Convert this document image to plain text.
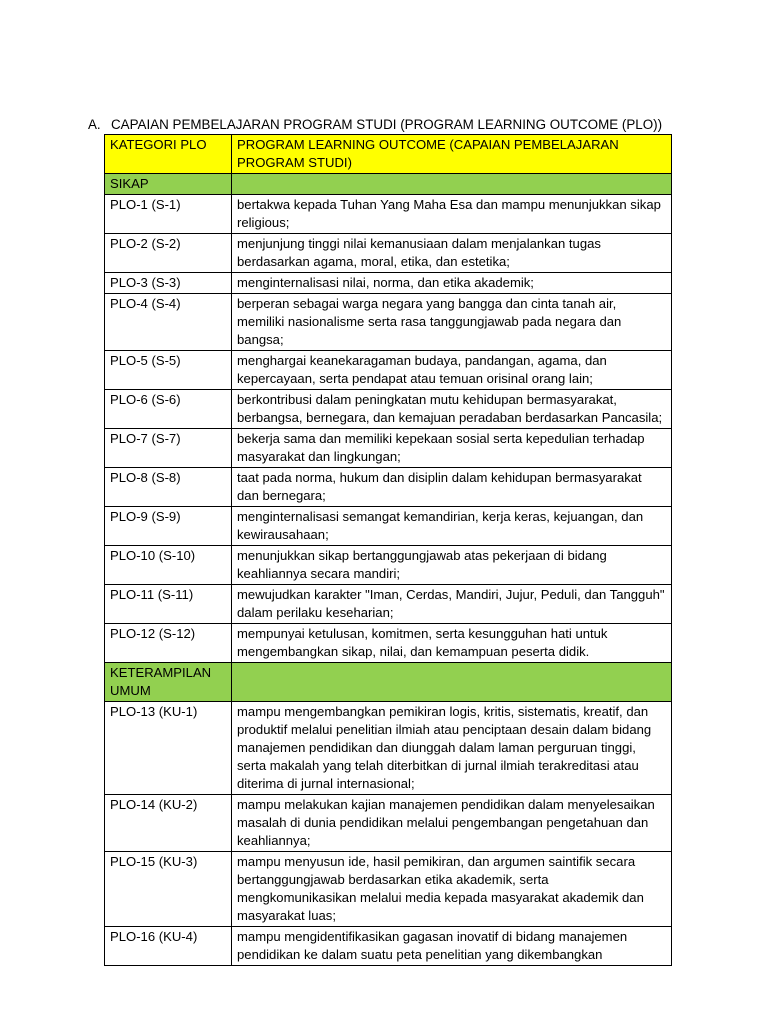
A. CAPAIAN PEMBELAJARAN PROGRAM STUDI (PROGRAM LEARNING OUTCOME (PLO))
KATEGORI PLO	PROGRAM LEARNING OUTCOME (CAPAIAN PEMBELAJARAN PROGRAM STUDI)
SIKAP	
PLO-1 (S-1)	bertakwa kepada Tuhan Yang Maha Esa dan mampu menunjukkan sikap religious;
PLO-2 (S-2)	menjunjung tinggi nilai kemanusiaan dalam menjalankan tugas berdasarkan agama, moral, etika, dan estetika;
PLO-3 (S-3)	menginternalisasi nilai, norma, dan etika akademik;
PLO-4 (S-4)	berperan sebagai warga negara yang bangga dan cinta tanah air, memiliki nasionalisme serta rasa tanggungjawab pada negara dan bangsa;
PLO-5 (S-5)	menghargai keanekaragaman budaya, pandangan, agama, dan kepercayaan, serta pendapat atau temuan orisinal orang lain;
PLO-6 (S-6)	berkontribusi dalam peningkatan mutu kehidupan bermasyarakat, berbangsa, bernegara, dan kemajuan peradaban berdasarkan Pancasila;
PLO-7 (S-7)	bekerja sama dan memiliki kepekaan sosial serta kepedulian terhadap masyarakat dan lingkungan;
PLO-8 (S-8)	taat pada norma, hukum dan disiplin dalam kehidupan bermasyarakat dan bernegara;
PLO-9 (S-9)	menginternalisasi semangat kemandirian, kerja keras, kejuangan, dan kewirausahaan;
PLO-10 (S-10)	menunjukkan sikap bertanggungjawab atas pekerjaan di bidang keahliannya secara mandiri;
PLO-11 (S-11)	mewujudkan karakter "Iman, Cerdas, Mandiri, Jujur, Peduli, dan Tangguh" dalam perilaku keseharian;
PLO-12 (S-12)	mempunyai ketulusan, komitmen, serta kesungguhan hati untuk mengembangkan sikap, nilai, dan kemampuan peserta didik.
KETERAMPILAN UMUM	
PLO-13 (KU-1)	mampu mengembangkan pemikiran logis, kritis, sistematis, kreatif, dan produktif melalui penelitian ilmiah atau penciptaan desain dalam bidang manajemen pendidikan dan diunggah dalam laman perguruan tinggi, serta makalah yang telah diterbitkan di jurnal ilmiah terakreditasi atau diterima di jurnal internasional;
PLO-14 (KU-2)	mampu melakukan kajian manajemen pendidikan dalam menyelesaikan masalah di dunia pendidikan melalui pengembangan pengetahuan dan keahliannya;
PLO-15 (KU-3)	mampu menyusun ide, hasil pemikiran, dan argumen saintifik secara bertanggungjawab berdasarkan etika akademik, serta mengkomunikasikan melalui media kepada masyarakat akademik dan masyarakat luas;
PLO-16 (KU-4)	mampu mengidentifikasikan gagasan inovatif di bidang manajemen pendidikan ke dalam suatu peta penelitian yang dikembangkan
